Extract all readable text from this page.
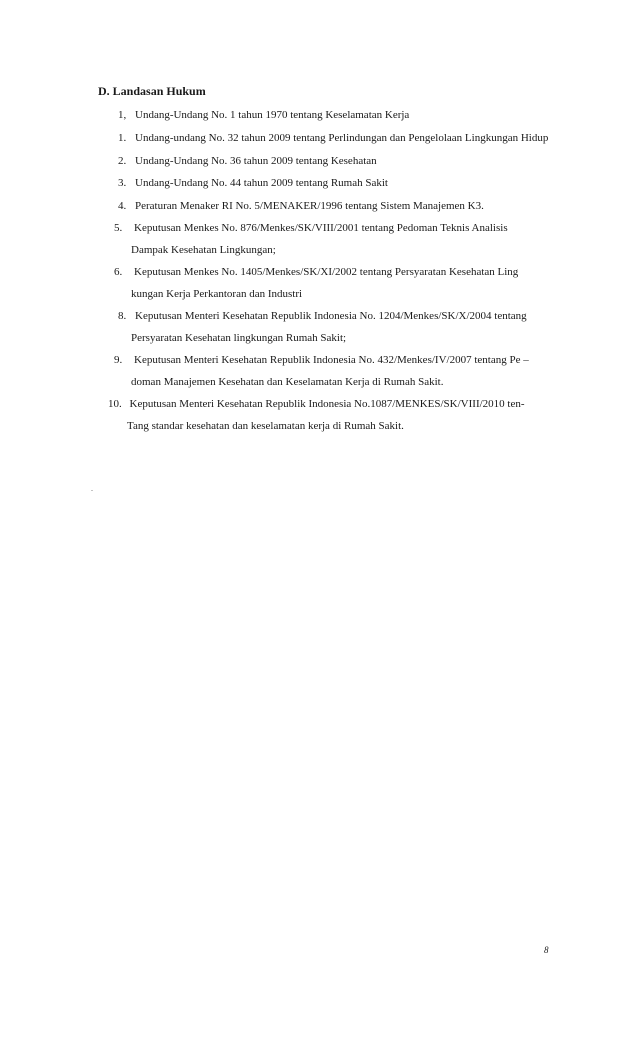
D. Landasan Hukum
1, Undang-Undang No. 1 tahun 1970 tentang Keselamatan Kerja
1. Undang-undang No. 32 tahun 2009 tentang Perlindungan dan Pengelolaan Lingkungan Hidup
2. Undang-Undang No. 36 tahun 2009 tentang Kesehatan
3. Undang-Undang No. 44 tahun 2009 tentang Rumah Sakit
4. Peraturan Menaker RI No. 5/MENAKER/1996 tentang Sistem Manajemen K3.
5. Keputusan Menkes No. 876/Menkes/SK/VIII/2001 tentang Pedoman Teknis Analisis
Dampak Kesehatan Lingkungan;
6. Keputusan Menkes No. 1405/Menkes/SK/XI/2002 tentang Persyaratan Kesehatan Ling
kungan Kerja Perkantoran dan Industri
8. Keputusan Menteri Kesehatan Republik Indonesia No. 1204/Menkes/SK/X/2004 tentang
Persyaratan Kesehatan lingkungan Rumah Sakit;
9. Keputusan Menteri Kesehatan Republik Indonesia No. 432/Menkes/IV/2007 tentang Pe –
doman Manajemen Kesehatan dan Keselamatan Kerja di Rumah Sakit.
10. Keputusan Menteri Kesehatan Republik Indonesia No.1087/MENKES/SK/VIII/2010 ten-
Tang standar kesehatan dan keselamatan kerja di Rumah Sakit.
.
8
